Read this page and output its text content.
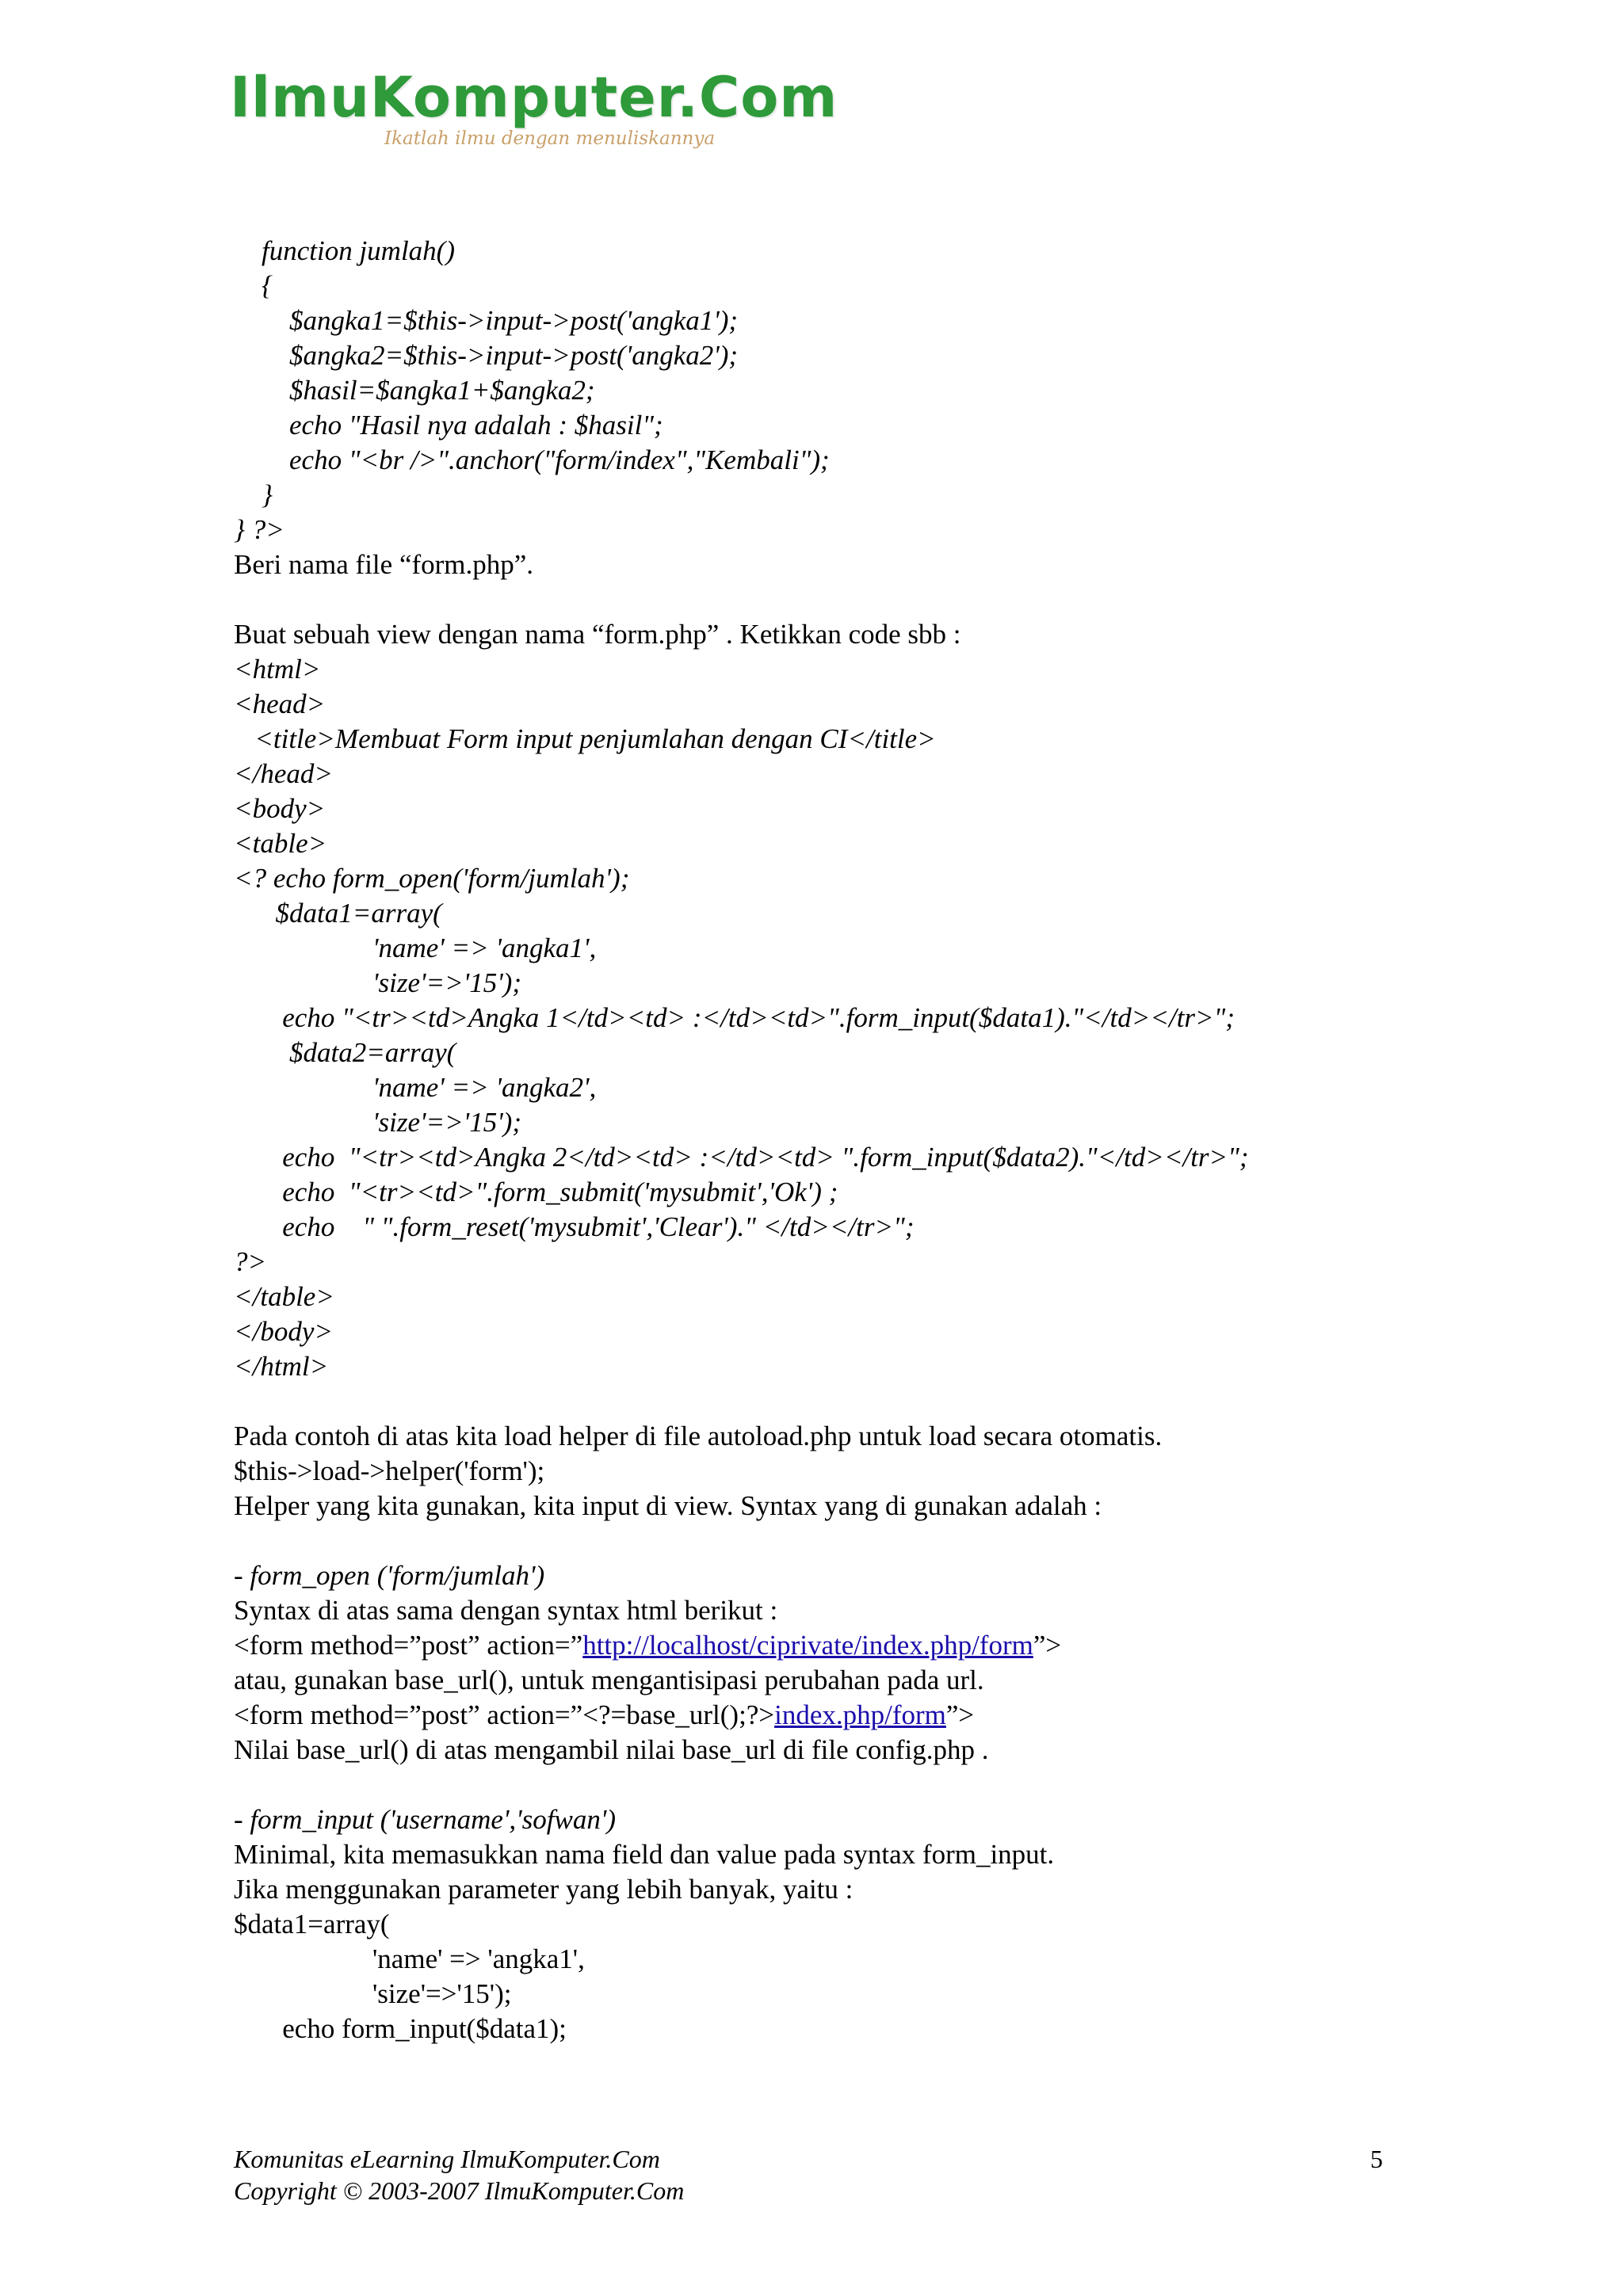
IlmuKomputer.Com
Ikatlah ilmu dengan menuliskannya
function jumlah()
{
$angka1=$this->input->post('angka1');
$angka2=$this->input->post('angka2');
$hasil=$angka1+$angka2;
echo "Hasil nya adalah : $hasil";
echo "<br />".anchor("form/index","Kembali");
}
} ?>
Beri nama file “form.php”.
Buat sebuah view dengan nama “form.php” . Ketikkan code sbb :
<html>
<head>
<title>Membuat Form input penjumlahan dengan CI</title>
</head>
<body>
<table>
<? echo form_open('form/jumlah');
$data1=array(
'name' => 'angka1',
'size'=>'15');
echo "<tr><td>Angka 1</td><td> :</td><td>".form_input($data1)."</td></tr>";
$data2=array(
'name' => 'angka2',
'size'=>'15');
echo  "<tr><td>Angka 2</td><td> :</td><td> ".form_input($data2)."</td></tr>";
echo  "<tr><td>".form_submit('mysubmit','Ok') ;
echo    " ".form_reset('mysubmit','Clear')." </td></tr>";
?>
</table>
</body>
</html>
Pada contoh di atas kita load helper di file autoload.php untuk load secara otomatis.
$this->load->helper('form');
Helper yang kita gunakan, kita input di view. Syntax yang di gunakan adalah :
- form_open ('form/jumlah')
Syntax di atas sama dengan syntax html berikut :
<form method=”post” action=”http://localhost/ciprivate/index.php/form”>
atau, gunakan base_url(), untuk mengantisipasi perubahan pada url.
<form method=”post” action=”<?=base_url();?>index.php/form”>
Nilai base_url() di atas mengambil nilai base_url di file config.php .
- form_input ('username','sofwan')
Minimal, kita memasukkan nama field dan value pada syntax form_input.
Jika menggunakan parameter yang lebih banyak, yaitu :
$data1=array(
'name' => 'angka1',
'size'=>'15');
echo form_input($data1);
Komunitas eLearning IlmuKomputer.Com
Copyright © 2003-2007 IlmuKomputer.Com
5
